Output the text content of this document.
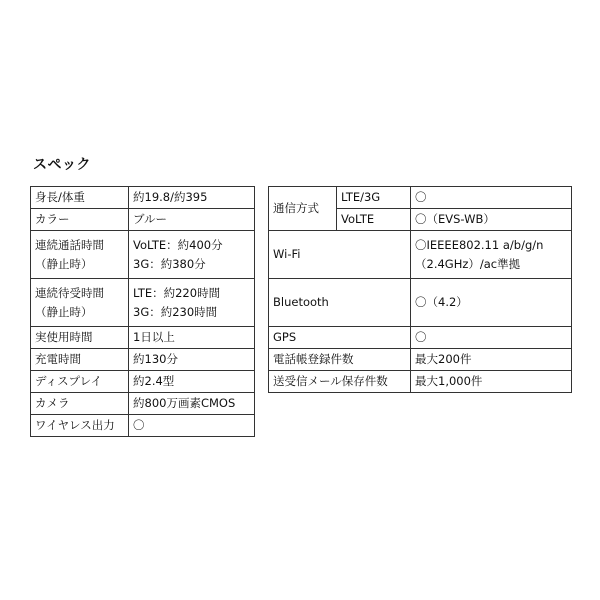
スペック
身長/体重	約19.8/約395
カラー	ブルー

連続通話時間
（静止時）	VoLTE：約400分
3G：約380分

連続待受時間
（静止時）	LTE：約220時間
3G：約230時間

実使用時間	1日以上
充電時間	約130分
ディスプレイ	約2.4型
カメラ	約800万画素CMOS
ワイヤレス出力	〇
通信方式	LTE/3G	〇
	VoLTE	〇（EVS-WB）
Wi-Fi		〇IEEEE802.11 a/b/g/n
（2.4GHz）/ac準拠

Bluetooth		〇（4.2）
GPS		〇
電話帳登録件数		最大200件
送受信メール保存件数		最大1,000件
